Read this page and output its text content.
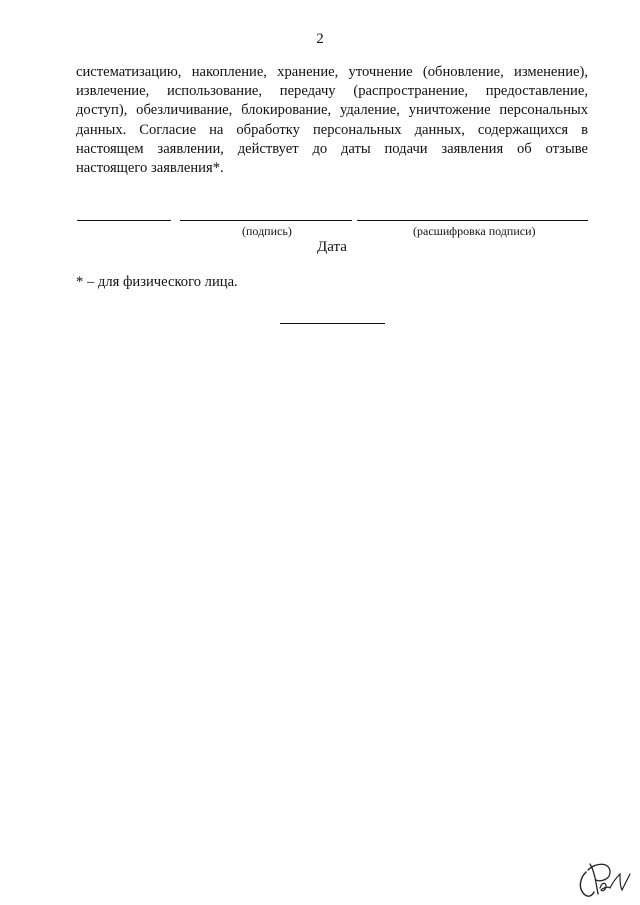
2
систематизацию, накопление, хранение, уточнение (обновление, изменение),
извлечение, использование, передачу (распространение, предоставление,
доступ), обезличивание, блокирование, удаление, уничтожение персональных
данных. Согласие на обработку персональных данных, содержащихся в
настоящем заявлении, действует до даты подачи заявления об отзыве
настоящего заявления*.
(подпись)	(расшифровка подписи)
Дата
* – для физического лица.
